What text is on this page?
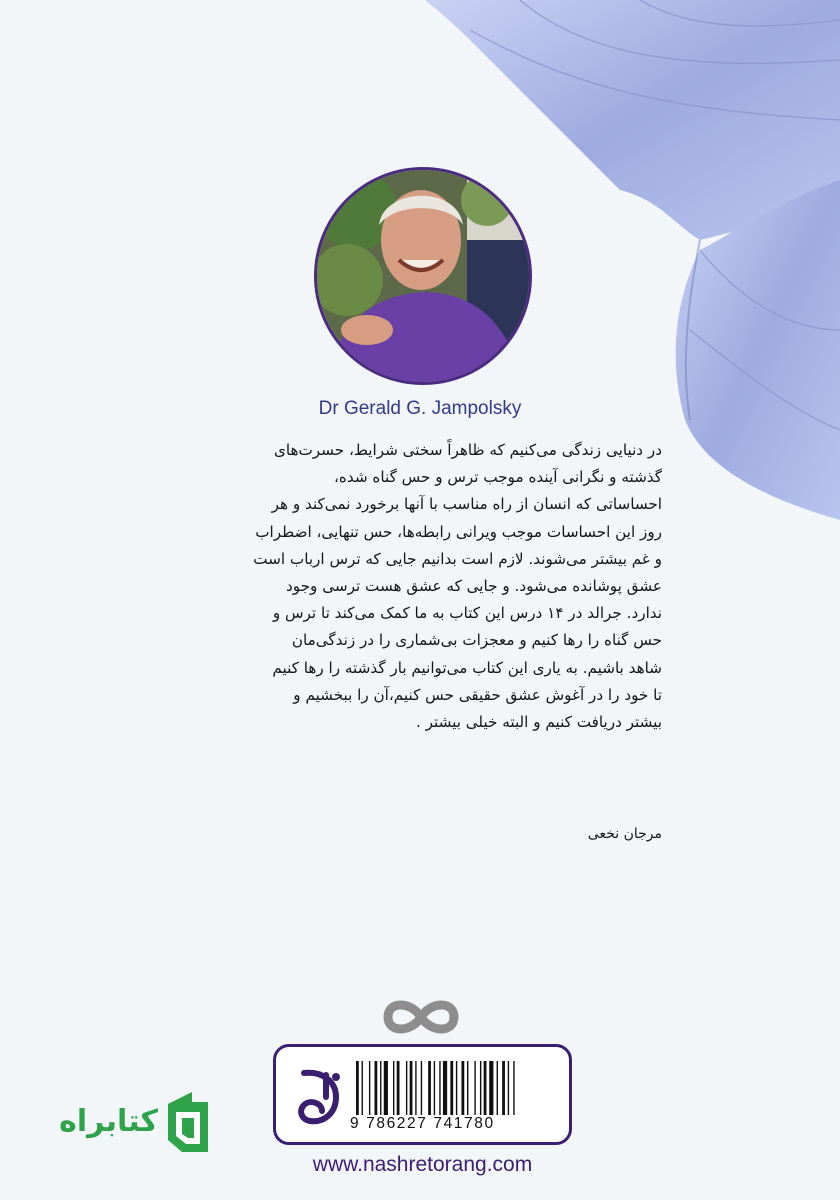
Dr Gerald G. Jampolsky
در دنیایی زندگی می‌کنیم که ظاهراً سختی شرایط، حسرت‌های
گذشته و نگرانی آینده موجب ترس و حس گناه شده،
احساساتی که انسان از راه مناسب با آنها برخورد نمی‌کند و هر
روز این احساسات موجب ویرانی رابطه‌ها، حس تنهایی، اضطراب
و غم بیشتر می‌شوند. لازم است بدانیم جایی که ترس ارباب است
عشق پوشانده می‌شود. و جایی که عشق هست ترسی وجود
ندارد. جرالد در ۱۴ درس این کتاب به ما کمک می‌کند تا ترس و
حس گناه را رها کنیم و معجزات بی‌شماری را در زندگی‌مان
شاهد باشیم. به یاری این کتاب می‌توانیم بار گذشته را رها کنیم
تا خود را در آغوش عشق حقیقی حس کنیم،آن را ببخشیم و
بیشتر دریافت کنیم و البته خیلی بیشتر .
مرجان نخعی
9 786227 741780
www.nashretorang.com
کتابراه
